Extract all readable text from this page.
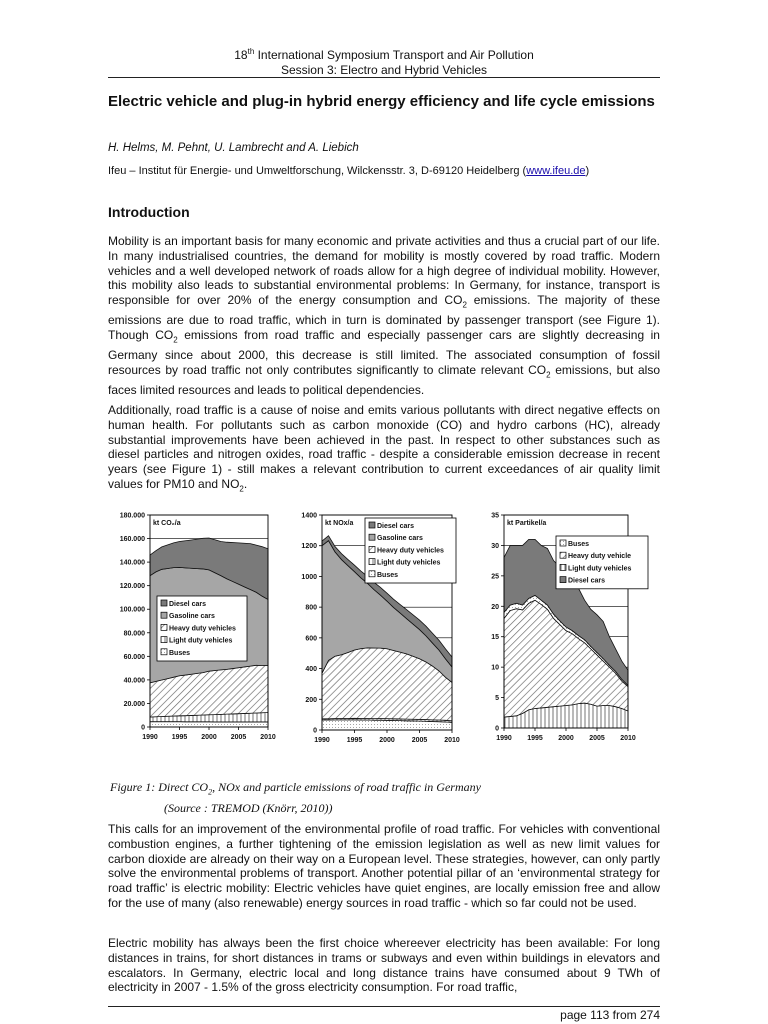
18th International Symposium Transport and Air Pollution
Session 3: Electro and Hybrid Vehicles
Electric vehicle and plug-in hybrid energy efficiency and life cycle emissions
H. Helms, M. Pehnt, U. Lambrecht and A. Liebich
Ifeu – Institut für Energie- und Umweltforschung, Wilckensstr. 3, D-69120 Heidelberg (www.ifeu.de)
Introduction

Mobility is an important basis for many economic and private activities and thus a crucial part of our life. In many industrialised countries, the demand for mobility is mostly covered by road traffic. Modern vehicles and a well developed network of roads allow for a high degree of individual mobility. However, this mobility also leads to substantial environmental problems: In Germany, for instance, transport is responsible for over 20% of the energy consumption and $CO_2$ emissions. The majority of these emissions are due to road traffic, which in turn is dominated by passenger transport (see Figure 1). Though $CO_2$ emissions from road traffic and especially passenger cars are slightly decreasing in Germany since about 2000, this decrease is still limited. The associated consumption of fossil resources by road traffic not only contributes significantly to climate relevant $CO_2$ emissions, but also faces limited resources and leads to political dependencies.

Additionally, road traffic is a cause of noise and emits various pollutants with direct negative effects on human health. For pollutants such as carbon monoxide (CO) and hydro carbons (HC), already substantial improvements have been achieved in the past. In respect to other substances such as diesel particles and nitrogen oxides, road traffic - despite a considerable emission decrease in recent years (see Figure 1) - still makes a relevant contribution to current exceedances of air quality limit values for PM10 and $NO_2$.

0
20.000
40.000
60.000
80.000
100.000
120.000
140.000
160.000
180.000
1990 1995 2000 2005 2010
kt CO₂/a
Diesel cars
Gasoline cars
Heavy duty vehicles
Light duty vehicles
Buses
0
200
400
600
800
1000
1200
1400
1990 1995 2000 2005 2010
kt NOx/a	Diesel cars
Gasoline cars
Heavy duty vehicles
Light duty vehicles
Buses
0
5
10
15
20
25
30
35
1990 1995 2000 2005 2010
kt Partikel/a
Buses
Heavy duty vehicle
Light duty vehicles
Diesel cars
Figure 1: Direct $CO_2$, NOx and particle emissions of road traffic in Germany
(Source : TREMOD (Knörr, 2010))

This calls for an improvement of the environmental profile of road traffic. For vehicles with conventional combustion engines, a further tightening of the emission legislation as well as new limit values for carbon dioxide are already on their way on a European level. These strategies, however, can only partly solve the environmental problems of transport. Another potential pillar of an ‘environmental strategy for road traffic’ is electric mobility: Electric vehicles have quiet engines, are locally emission free and allow for the use of many (also renewable) energy sources in road traffic - which so far could not be used.

Electric mobility has always been the first choice whereever electricity has been available: For long distances in trains, for short distances in trams or subways and even within buildings in elevators and escalators. In Germany, electric local and long distance trains have consumed about 9 TWh of electricity in 2007 - 1.5% of the gross electricity consumption. For road traffic,

page 113 from 274
